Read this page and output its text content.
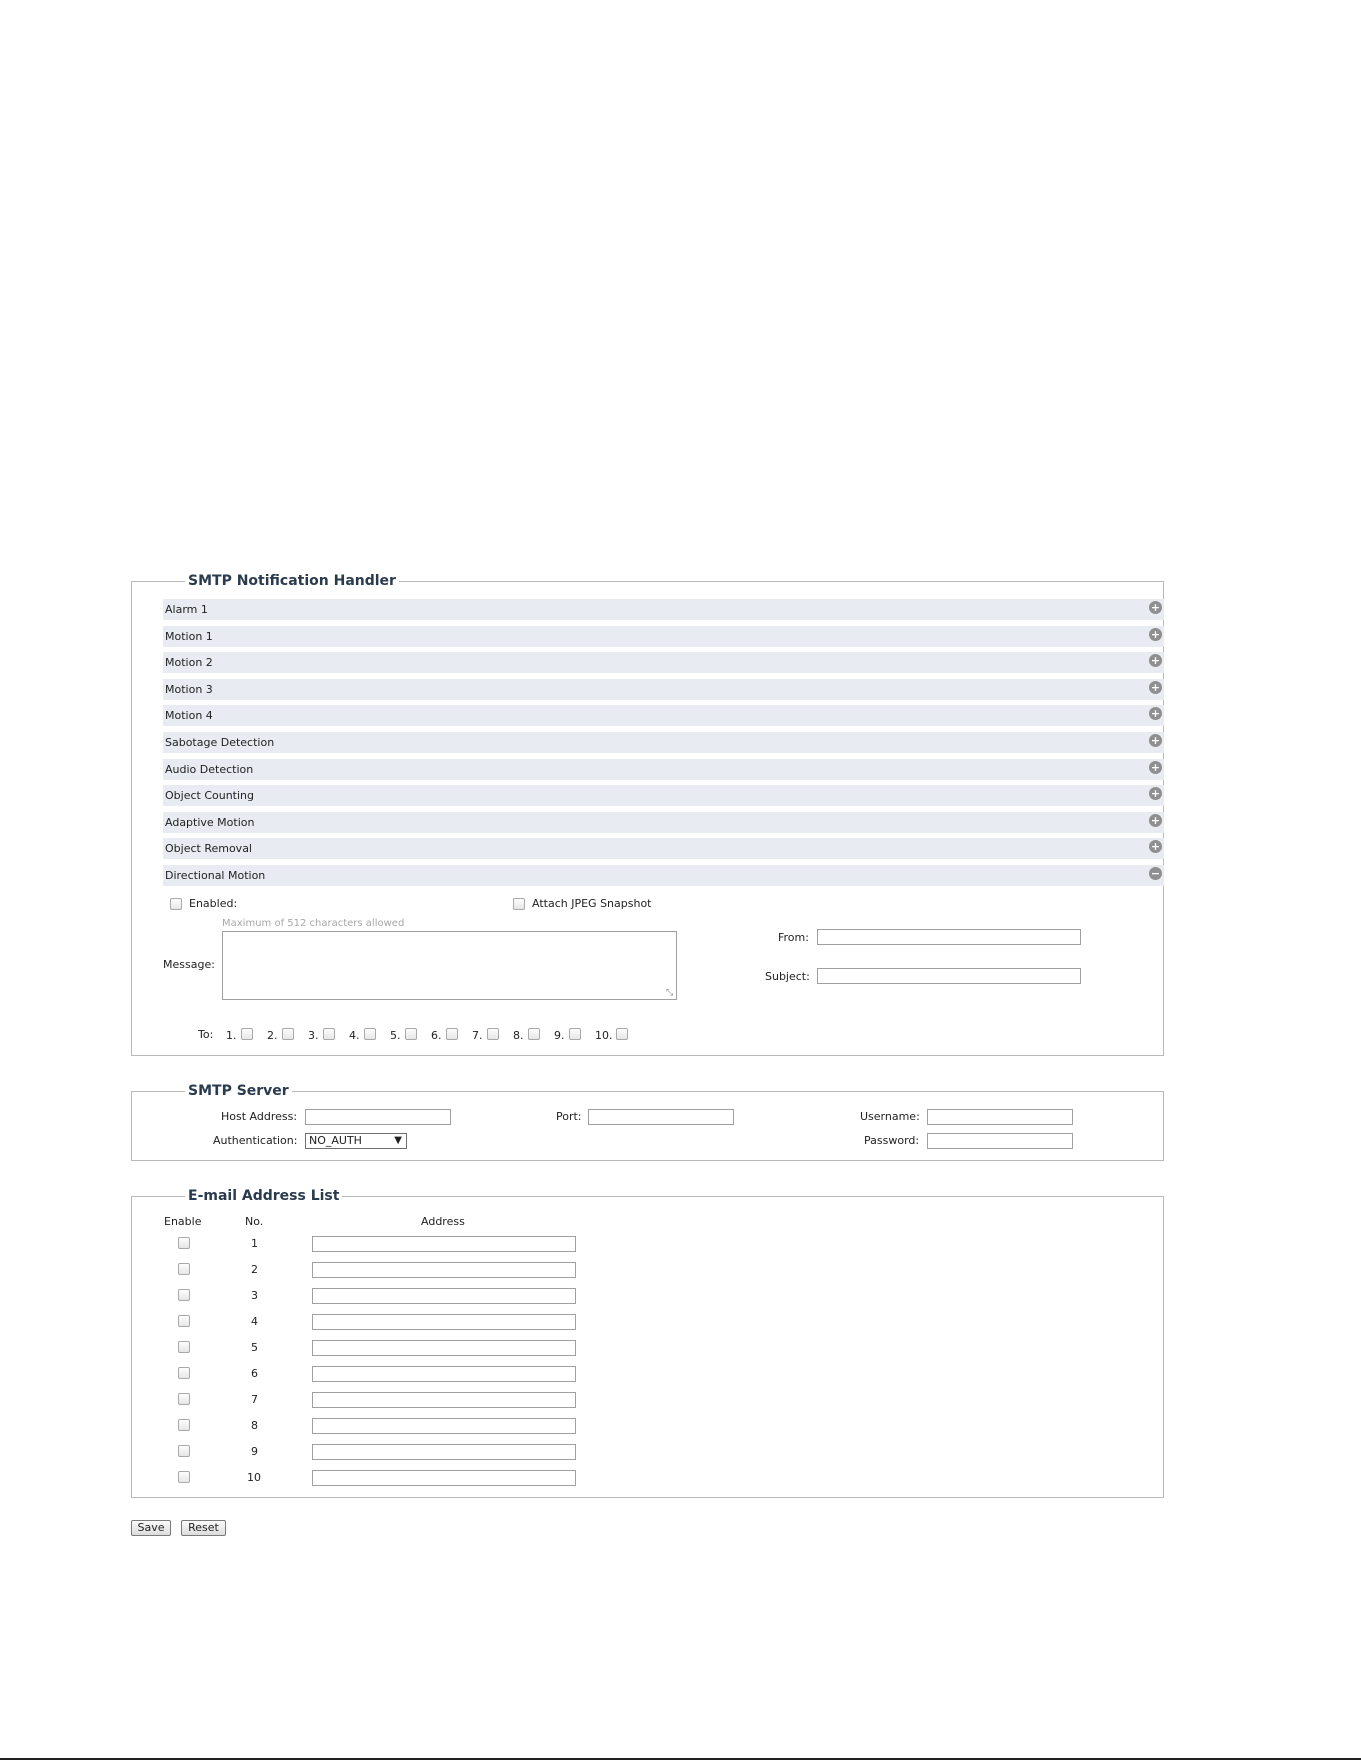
SMTP Notification Handler
Alarm 1	+
Motion 1	+
Motion 2	+
Motion 3	+
Motion 4	+
Sabotage Detection	+
Audio Detection	+
Object Counting	+
Adaptive Motion	+
Object Removal	+
Directional Motion	−
Enabled:	Attach JPEG Snapshot
Maximum of 512 characters allowed
Message:
⤡
From:
Subject:
To: 1.	2.	3.	4.	5.	6.	7.	8.	9.	10.
SMTP Server
Host Address:	Port:	Username:
Authentication:	NO_AUTH	▼	Password:
E-mail Address List
Enable	No.	Address
1
2
3
4
5
6
7
8
9
10
Save	Reset
